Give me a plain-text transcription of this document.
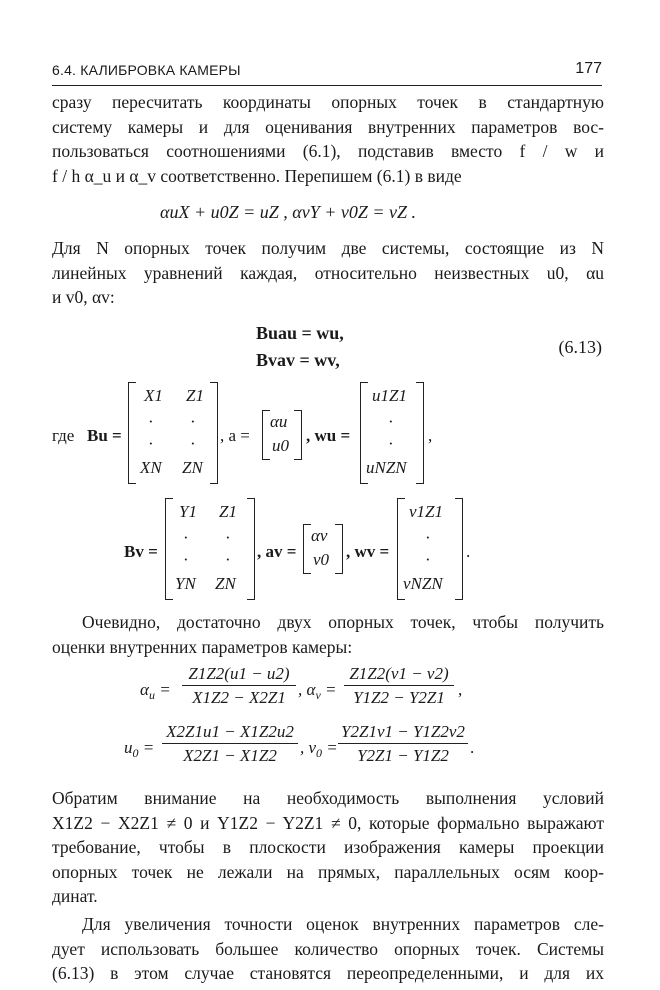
6.4. КАЛИБРОВКА КАМЕРЫ	177
сразу пересчитать координаты опорных точек в стандартную
систему камеры и для оценивания внутренних параметров вос-
пользоваться соотношениями (6.1), подставив вместо f / w и
f / h α_u и α_v соответственно. Перепишем (6.1) в виде
αuX + u0Z = uZ , αvY + v0Z = vZ .
Для N опорных точек получим две системы, состоящие из N
линейных уравнений каждая, относительно неизвестных u0, αu
и v0, αv:
Buau = wu,
Bvav = wv,
(6.13)
где Bu =
X1 Z1
· ·
· ·
XN ZN
, a =
αu
u0
, wu =
u1Z1
·
·
uNZN
,
Bv =
Y1 Z1
· ·
· ·
YN ZN
, av =
αv
v0 , wv =
v1Z1
·
·
vNZN
.
Очевидно, достаточно двух опорных точек, чтобы получить
оценки внутренних параметров камеры:
$\alpha_u$ =
Z1Z2(u1 − u2)
X1Z2 − X2Z1 , $\alpha_v$ =
Z1Z2(v1 − v2)
Y1Z2 − Y2Z1 ,
$u_0$ =
X2Z1u1 − X1Z2u2
X2Z1 − X1Z2	, $v_0$ =
Y2Z1v1 − Y1Z2v2
Y2Z1 − Y1Z2	.
Обратим внимание на необходимость выполнения условий
X1Z2 − X2Z1 ≠ 0 и Y1Z2 − Y2Z1 ≠ 0, которые формально выражают
требование, чтобы в плоскости изображения камеры проекции
опорных точек не лежали на прямых, параллельных осям коор-
динат.
Для увеличения точности оценок внутренних параметров сле-
дует использовать большее количество опорных точек. Системы
(6.13) в этом случае становятся переопределенными, и для их
